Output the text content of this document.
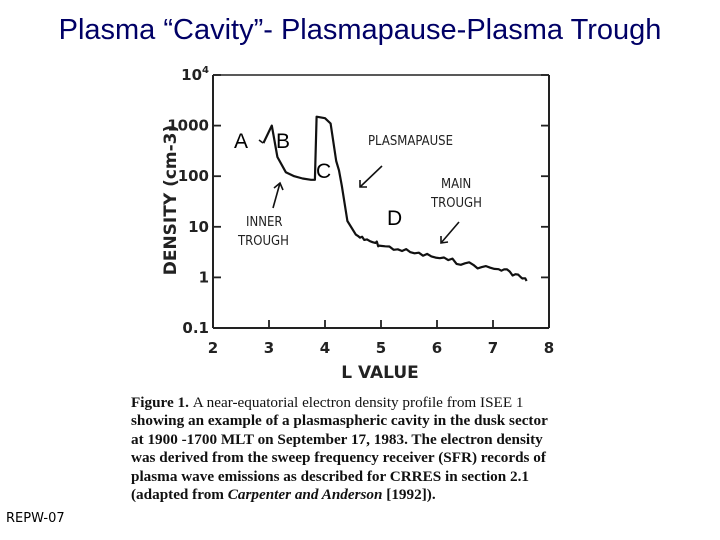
Plasma “Cavity”- Plasmapause-Plasma Trough
2	3	4	5	6	7	8
0.1
1
10
100
1000
$10^4$
L VALUE
DENSITY (cm-3)	A B
C
D
INNER
TROUGH
PLASMAPAUSE
MAIN
TROUGH
Figure 1. A near-equatorial electron density profile from ISEE 1
showing an example of a plasmaspheric cavity in the dusk sector
at 1900 -1700 MLT on September 17, 1983. The electron density
was derived from the sweep frequency receiver (SFR) records of
plasma wave emissions as described for CRRES in section 2.1
(adapted from Carpenter and Anderson [1992]).
REPW-07
